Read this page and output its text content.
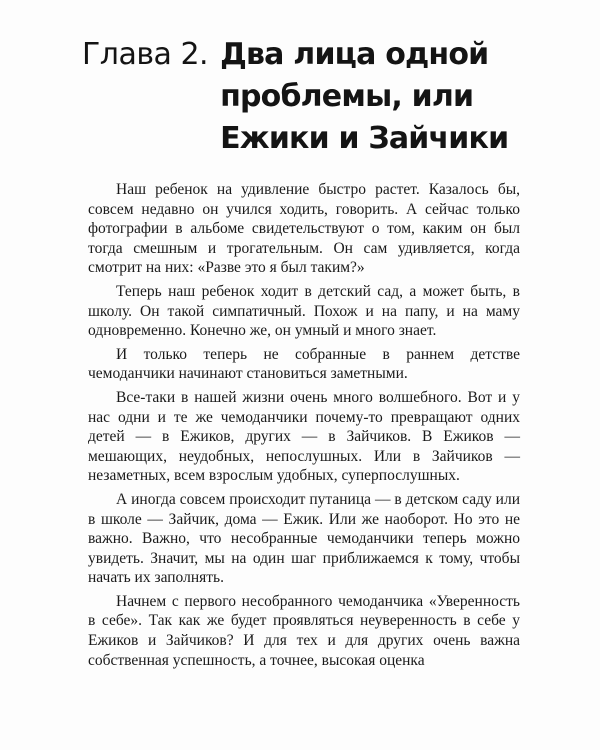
Глава 2. Два лица одной проблемы, или Ежики и Зайчики

Наш ребенок на удивление быстро растет. Казалось бы, совсем недавно он учился ходить, говорить. А сейчас только фотографии в альбоме свидетельствуют о том, каким он был тогда смешным и трогательным. Он сам удивляется, когда смотрит на них: «Разве это я был таким?»

Теперь наш ребенок ходит в детский сад, а может быть, в школу. Он такой симпатичный. Похож и на папу, и на маму одновременно. Конечно же, он умный и много знает.

И только теперь не собранные в раннем детстве чемоданчики начинают становиться заметными.

Все-таки в нашей жизни очень много волшебного. Вот и у нас одни и те же чемоданчики почему-то превращают одних детей — в Ежиков, других — в Зайчиков. В Ежиков — мешающих, неудобных, непослушных. Или в Зайчиков — незаметных, всем взрослым удобных, суперпослушных.

А иногда совсем происходит путаница — в детском саду или в школе — Зайчик, дома — Ежик. Или же наоборот. Но это не важно. Важно, что несобранные чемоданчики теперь можно увидеть. Значит, мы на один шаг приближаемся к тому, чтобы начать их заполнять.

Начнем с первого несобранного чемоданчика «Уверенность в себе». Так как же будет проявляться неуверенность в себе у Ежиков и Зайчиков? И для тех и для других очень важна собственная успешность, а точнее, высокая оценка
